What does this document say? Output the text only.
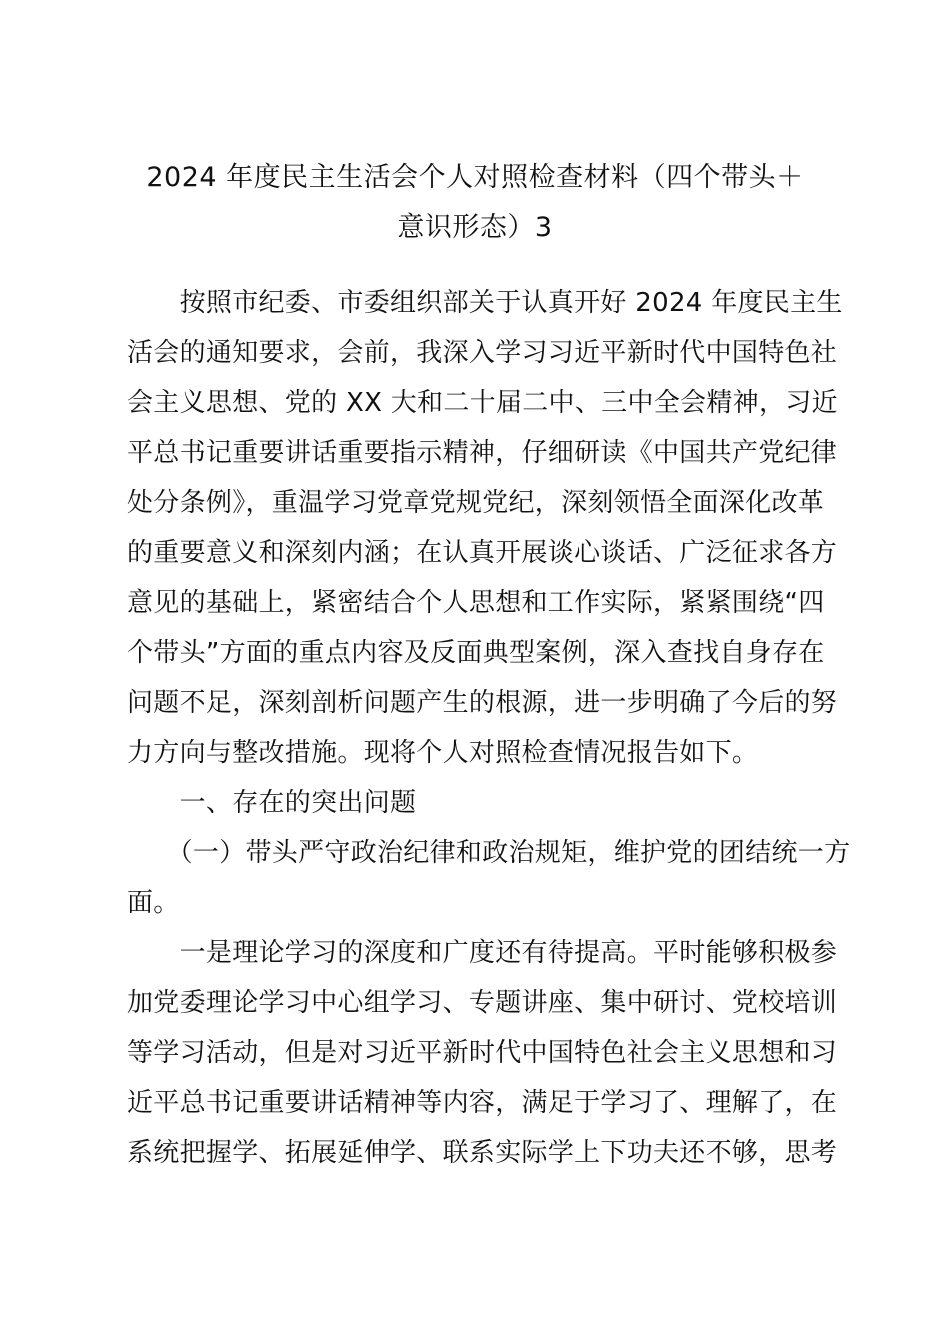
2024 年度民主生活会个人对照检查材料（四个带头＋
意识形态）3
　　按照市纪委、市委组织部关于认真开好 2024 年度民主生
活会的通知要求，会前，我深入学习习近平新时代中国特色社
会主义思想、党的 XX 大和二十届二中、三中全会精神，习近
平总书记重要讲话重要指示精神，仔细研读《中国共产党纪律
处分条例》，重温学习党章党规党纪，深刻领悟全面深化改革
的重要意义和深刻内涵；在认真开展谈心谈话、广泛征求各方
意见的基础上，紧密结合个人思想和工作实际，紧紧围绕“四
个带头”方面的重点内容及反面典型案例，深入查找自身存在
问题不足，深刻剖析问题产生的根源，进一步明确了今后的努
力方向与整改措施。现将个人对照检查情况报告如下。
　　一、存在的突出问题
　　（一）带头严守政治纪律和政治规矩，维护党的团结统一方
面。
　　一是理论学习的深度和广度还有待提高。平时能够积极参
加党委理论学习中心组学习、专题讲座、集中研讨、党校培训
等学习活动，但是对习近平新时代中国特色社会主义思想和习
近平总书记重要讲话精神等内容，满足于学习了、理解了，在
系统把握学、拓展延伸学、联系实际学上下功夫还不够，思考
